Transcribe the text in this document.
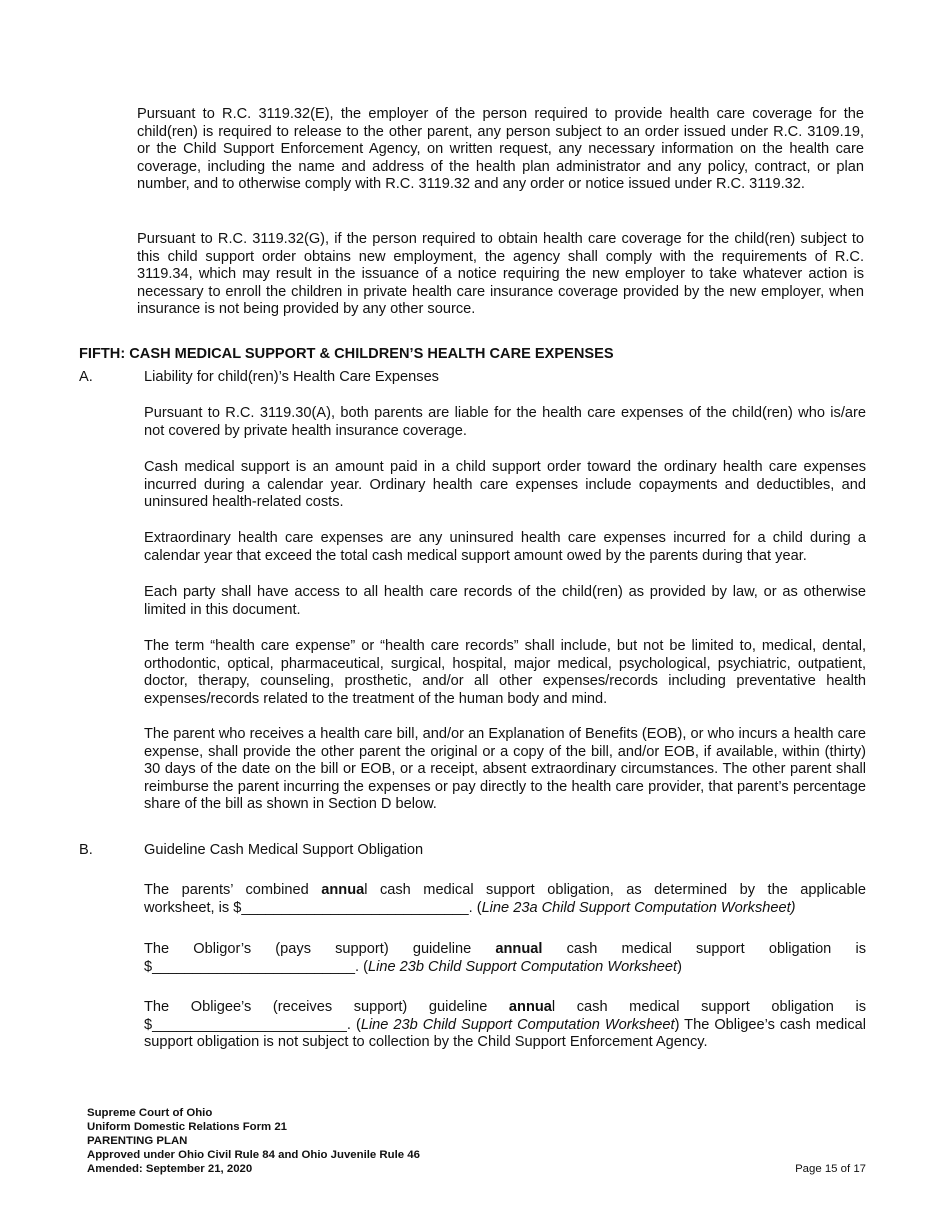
Pursuant to R.C. 3119.32(E), the employer of the person required to provide health care coverage for the child(ren) is required to release to the other parent, any person subject to an order issued under R.C. 3109.19, or the Child Support Enforcement Agency, on written request, any necessary information on the health care coverage, including the name and address of the health plan administrator and any policy, contract, or plan number, and to otherwise comply with R.C. 3119.32 and any order or notice issued under R.C. 3119.32.

Pursuant to R.C. 3119.32(G), if the person required to obtain health care coverage for the child(ren) subject to this child support order obtains new employment, the agency shall comply with the requirements of R.C. 3119.34, which may result in the issuance of a notice requiring the new employer to take whatever action is necessary to enroll the children in private health care insurance coverage provided by the new employer, when insurance is not being provided by any other source.

FIFTH: CASH MEDICAL SUPPORT & CHILDREN’S HEALTH CARE EXPENSES
A.	Liability for child(ren)’s Health Care Expenses

Pursuant to R.C. 3119.30(A), both parents are liable for the health care expenses of the child(ren) who is/are not covered by private health insurance coverage.

Cash medical support is an amount paid in a child support order toward the ordinary health care expenses incurred during a calendar year. Ordinary health care expenses include copayments and deductibles, and uninsured health-related costs.

Extraordinary health care expenses are any uninsured health care expenses incurred for a child during a calendar year that exceed the total cash medical support amount owed by the parents during that year.

Each party shall have access to all health care records of the child(ren) as provided by law, or as otherwise limited in this document.

The term “health care expense” or “health care records” shall include, but not be limited to, medical, dental, orthodontic, optical, pharmaceutical, surgical, hospital, major medical, psychological, psychiatric, outpatient, doctor, therapy, counseling, prosthetic, and/or all other expenses/records including preventative health expenses/records related to the treatment of the human body and mind.

The parent who receives a health care bill, and/or an Explanation of Benefits (EOB), or who incurs a health care expense, shall provide the other parent the original or a copy of the bill, and/or EOB, if available, within (thirty) 30 days of the date on the bill or EOB, or a receipt, absent extraordinary circumstances. The other parent shall reimburse the parent incurring the expenses or pay directly to the health care provider, that parent’s percentage share of the bill as shown in Section D below.

B.	Guideline Cash Medical Support Obligation
The parents’ combined annual cash medical support obligation, as determined by the applicable
worksheet, is $____________________________. (Line 23a Child Support Computation Worksheet)
The Obligor’s (pays support) guideline annual cash medical support obligation is
$_________________________. (Line 23b Child Support Computation Worksheet)
The Obligee’s (receives support) guideline annual cash medical support obligation is
$________________________. (Line 23b Child Support Computation Worksheet) The Obligee’s cash medical support obligation is not subject to collection by the Child Support Enforcement Agency.
Supreme Court of Ohio
Uniform Domestic Relations Form 21
PARENTING PLAN
Approved under Ohio Civil Rule 84 and Ohio Juvenile Rule 46
Amended: September 21, 2020	Page 15 of 17
